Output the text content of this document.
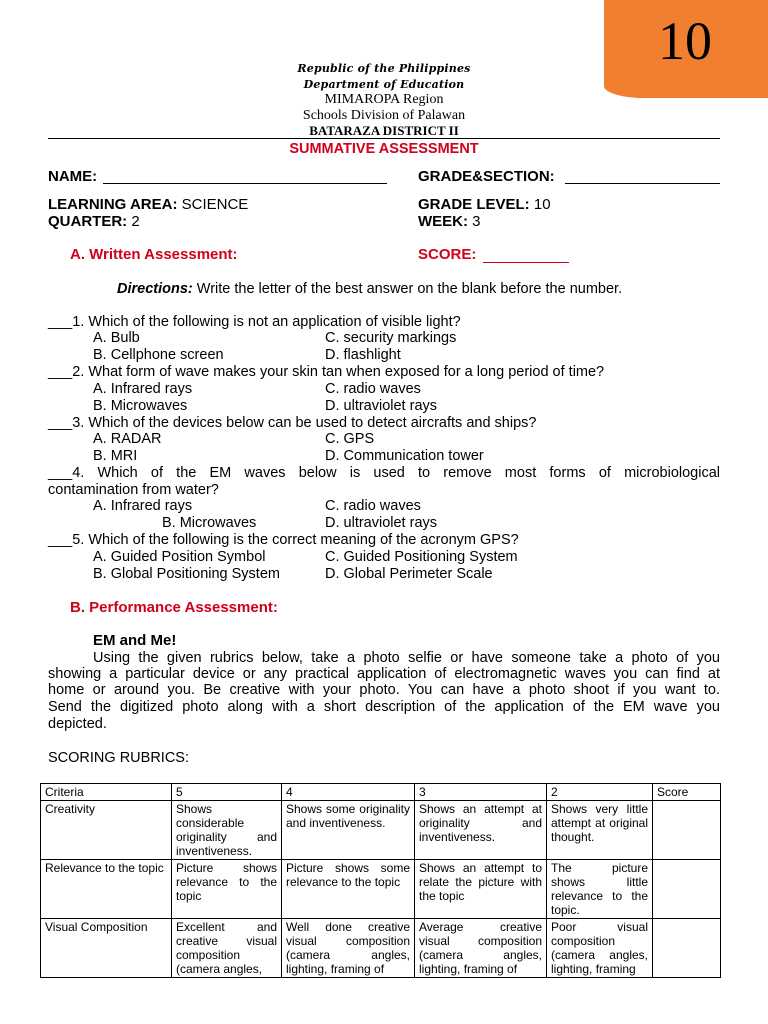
10
Republic of the Philippines
Department of Education
MIMAROPA Region
Schools Division of Palawan
BATARAZA DISTRICT II
SUMMATIVE ASSESSMENT
NAME:	GRADE&SECTION:
LEARNING AREA: SCIENCE	GRADE LEVEL: 10
QUARTER: 2	WEEK: 3
A. Written Assessment:	SCORE:
Directions: Write the letter of the best answer on the blank before the number.
___1. Which of the following is not an application of visible light?
A. Bulb	C. security markings
B. Cellphone screen	D. flashlight
___2. What form of wave makes your skin tan when exposed for a long period of time?
A. Infrared rays	C. radio waves
B. Microwaves	D. ultraviolet rays
___3. Which of the devices below can be used to detect aircrafts and ships?
A. RADAR	C. GPS
B. MRI	D. Communication tower
___4. Which of the EM waves below is used to remove most forms of microbiological
contamination from water?
A. Infrared rays	C. radio waves
B. Microwaves	D. ultraviolet rays
___5. Which of the following is the correct meaning of the acronym GPS?
A. Guided Position Symbol	C. Guided Positioning System
B. Global Positioning System	D. Global Perimeter Scale
B. Performance Assessment:
EM and Me!
Using the given rubrics below, take a photo selfie or have someone take a photo of you
showing a particular device or any practical application of electromagnetic waves you can find at
home or around you. Be creative with your photo. You can have a photo shoot if you want to.
Send the digitized photo along with a short description of the application of the EM wave you
depicted.
SCORING RUBRICS:
Criteria	5	4	3	2	Score
Creativity	Shows considerable originality and inventiveness.	Shows some originality and inventiveness.	Shows an attempt at originality and inventiveness.	Shows very little attempt at original thought.	
Relevance to the topic	Picture shows relevance to the topic	Picture shows some relevance to the topic	Shows an attempt to relate the picture with the topic	The picture shows little relevance to the topic.	
Visual Composition	Excellent and creative visual composition (camera angles,	Well done creative visual composition (camera angles, lighting, framing of	Average creative visual composition (camera angles, lighting, framing of	Poor visual composition (camera angles, lighting, framing	
